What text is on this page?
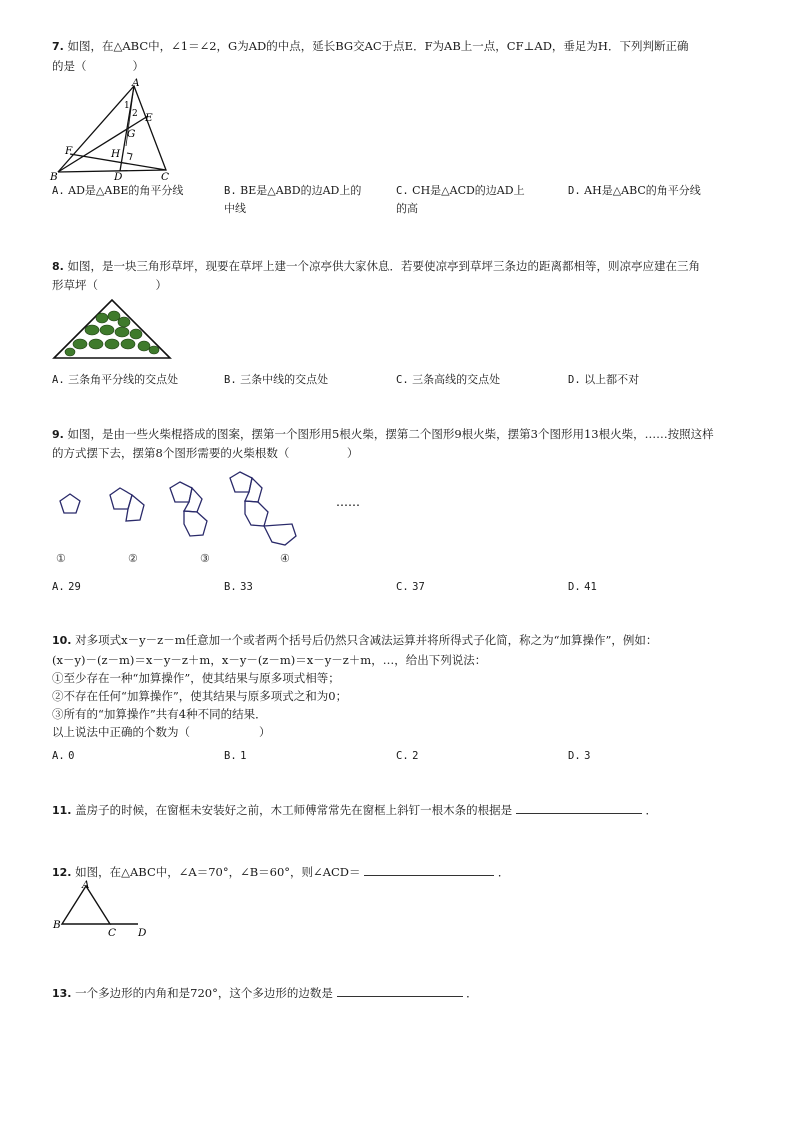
7. 如图，在△ABC中，∠1＝∠2，G为AD的中点，延长BG交AC于点E．F为AB上一点，CF⊥AD，垂足为H．下列判断正确
的是（　　　　）
A
B	C
D
E
F
G
H
1
2
A. AD是△ABE的角平分线	B. BE是△ABD的边AD上的
中线
C. CH是△ACD的边AD上
的高
D. AH是△ABC的角平分线
8. 如图，是一块三角形草坪，现要在草坪上建一个凉亭供大家休息．若要使凉亭到草坪三条边的距离都相等，则凉亭应建在三角
形草坪（　　　　　）
A. 三条角平分线的交点处	B. 三条中线的交点处	C. 三条高线的交点处	D. 以上都不对
9. 如图，是由一些火柴棍搭成的图案，摆第一个图形用5根火柴，摆第二个图形9根火柴，摆第3个图形用13根火柴，……按照这样
的方式摆下去，摆第8个图形需要的火柴根数（　　　　　）
……
①	②	③	④
A. 29	B. 33	C. 37	D. 41
10. 对多项式x－y－z－m任意加一个或者两个括号后仍然只含减法运算并将所得式子化简，称之为“加算操作”，例如：
(x－y)－(z－m)＝x－y－z＋m，x－y－(z－m)＝x－y－z＋m，…，给出下列说法：
①至少存在一种“加算操作”，使其结果与原多项式相等；
②不存在任何“加算操作”，使其结果与原多项式之和为0；
③所有的“加算操作”共有4种不同的结果．
以上说法中正确的个数为（　　　　　　）
A. 0	B. 1	C. 2	D. 3
11. 盖房子的时候，在窗框未安装好之前，木工师傅常常先在窗框上斜钉一根木条的根据是	．
12. 如图，在△ABC中，∠A＝70°，∠B＝60°，则∠ACD＝	．
A
B
C D
13. 一个多边形的内角和是720°，这个多边形的边数是	．
